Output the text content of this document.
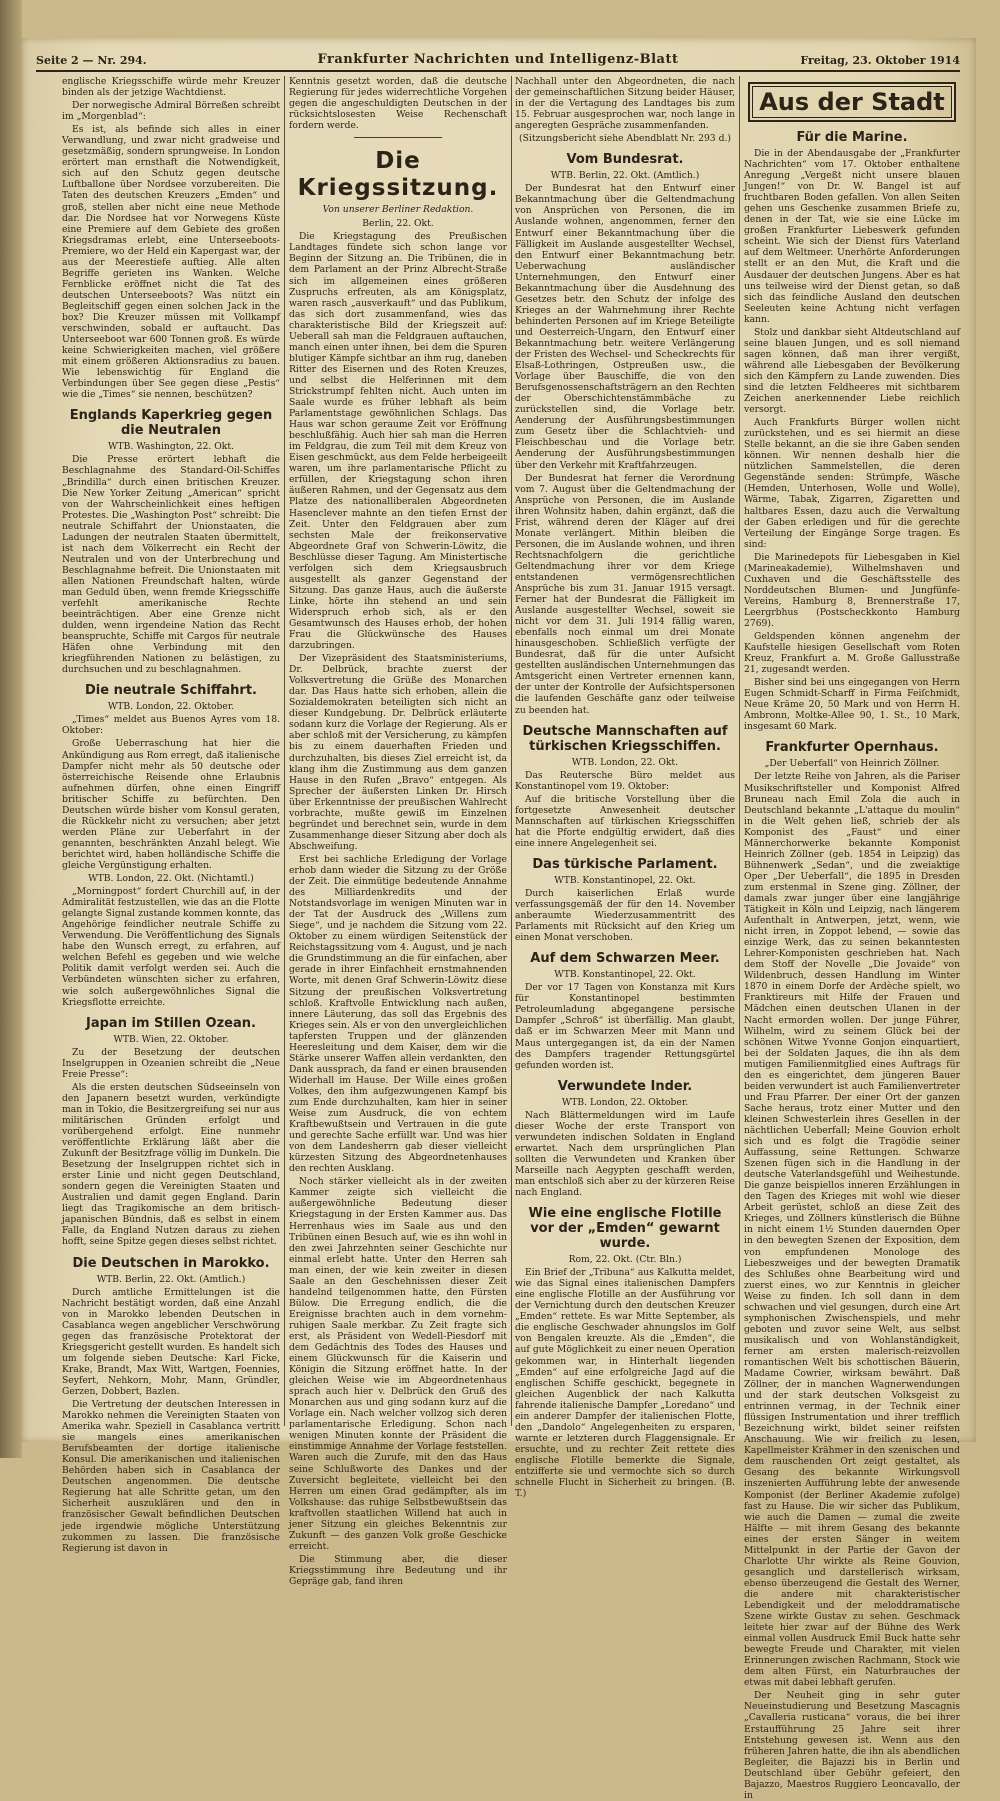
Seite 2 — Nr. 294.	Frankfurter Nachrichten und Intelligenz-Blatt	Freitag, 23. Oktober 1914

englische Kriegsschiffe würde mehr Kreuzer binden als der jetzige Wachtdienst.

Der norwegische Admiral Börreßen schreibt im „Morgenblad“:

Es ist, als befinde sich alles in einer Verwandlung, und zwar nicht gradweise und gesetzmäßig, sondern sprungweise. In London erörtert man ernsthaft die Notwendigkeit, sich auf den Schutz gegen deutsche Luftballone über Nordsee vorzubereiten. Die Taten des deutschen Kreuzers „Emden“ und groß, stellen aber nicht eine neue Methode dar. Die Nordsee hat vor Norwegens Küste eine Premiere auf dem Gebiete des großen Kriegsdramas erlebt, eine Unterseeboots-Premiere, wo der Held ein Kapergast war, der aus der Meerestiefe auftieg. Alle alten Begriffe gerieten ins Wanken. Welche Fernblicke eröffnet nicht die Tat des deutschen Unterseeboots? Was nützt ein Begleitschiff gegen einen solchen Jack in the box? Die Kreuzer müssen mit Vollkampf verschwinden, sobald er auftaucht. Das Unterseeboot war 600 Tonnen groß. Es würde keine Schwierigkeiten machen, viel größere mit einem größeren Aktionsradius zu bauen. Wie lebenswichtig für England die Verbindungen über See gegen diese „Pestis“ wie die „Times“ sie nennen, beschützen?

Englands Kaperkrieg gegen die Neutralen
WTB. Washington, 22. Okt.

Die Presse erörtert lebhaft die Beschlagnahme des Standard-Oil-Schiffes „Brindilla“ durch einen britischen Kreuzer. Die New Yorker Zeitung „American“ spricht von der Wahrscheinlichkeit eines heftigen Protestes. Die „Washington Post“ schreibt: Die neutrale Schiffahrt der Unionstaaten, die Ladungen der neutralen Staaten übermittelt, ist nach dem Völkerrecht ein Recht der Neutralen und von der Unterbrechung und Beschlagnahme befreit. Die Unionstaaten mit allen Nationen Freundschaft halten, würde man Geduld üben, wenn fremde Kriegsschiffe verfehlt amerikanische Rechte beeinträchtigen. Aber eine Grenze nicht dulden, wenn irgendeine Nation das Recht beanspruchte, Schiffe mit Cargos für neutrale Häfen ohne Verbindung mit den kriegführenden Nationen zu belästigen, zu durchsuchen und zu beschlagnahmen.

Die neutrale Schiffahrt.
WTB. London, 22. Oktober.

„Times“ meldet aus Buenos Ayres vom 18. Oktober:

Große Ueberraschung hat hier die Ankündigung aus Rom erregt, daß italienische Dampfer nicht mehr als 50 deutsche oder österreichische Reisende ohne Erlaubnis aufnehmen dürfen, ohne einen Eingriff britischer Schiffe zu befürchten. Den Deutschen würde bisher vom Konsul geraten, die Rückkehr nicht zu versuchen; aber jetzt werden Pläne zur Ueberfahrt in der genannten, beschränkten Anzahl belegt. Wie berichtet wird, haben holländische Schiffe die gleiche Vergünstigung erhalten.

WTB. London, 22. Okt. (Nichtamtl.)

„Morningpost“ fordert Churchill auf, in der Admiralität festzustellen, wie das an die Flotte gelangte Signal zustande kommen konnte, das Angehörige feindlicher neutrale Schiffe zu Verwendung. Die Veröffentlichung des Signals habe den Wunsch erregt, zu erfahren, auf welchen Befehl es gegeben und wie welche Politik damit verfolgt werden sei. Auch die Verbündeten wünschten sicher zu erfahren, wie solch außergewöhnliches Signal die Kriegsflotte erreichte.

Japan im Stillen Ozean.
WTB. Wien, 22. Oktober.

Zu der Besetzung der deutschen Inselgruppen in Ozeanien schreibt die „Neue Freie Presse“:

Als die ersten deutschen Südseeinseln von den Japanern besetzt wurden, verkündigte man in Tokio, die Besitzergreifung sei nur aus militärischen Gründen erfolgt und vorübergehend erfolgt. Eine nunmehr veröffentlichte Erklärung läßt aber die Zukunft der Besitzfrage völlig im Dunkeln. Die Besetzung der Inselgruppen richtet sich in erster Linie und nicht gegen Deutschland, sondern gegen die Vereinigten Staaten und Australien und damit gegen England. Darin liegt das Tragikomische an dem britisch-japanischen Bündnis, daß es selbst in einem Falle, da England Nutzen daraus zu ziehen hofft, seine Spitze gegen dieses selbst richtet.

Die Deutschen in Marokko.
WTB. Berlin, 22. Okt. (Amtlich.)

Durch amtliche Ermittelungen ist die Nachricht bestätigt worden, daß eine Anzahl von in Marokko lebenden Deutschen in Casablanca wegen angeblicher Verschwörung gegen das französische Protektorat der Kriegsgericht gestellt wurden. Es handelt sich um folgende sieben Deutsche: Karl Ficke, Krake, Brandt, Max Witt, Wartgen, Foennies, Seyfert, Nehkorn, Mohr, Mann, Gründler, Gerzen, Dobbert, Bazlen.

Die Vertretung der deutschen Interessen in Marokko nehmen die Vereinigten Staaten von Amerika wahr. Speziell in Casablanca vertritt sie mangels eines amerikanischen Berufsbeamten der dortige italienische Konsul. Die amerikanischen und italienischen Behörden haben sich in Casablanca der Deutschen angenommen. Die deutsche Regierung hat alle Schritte getan, um den Sicherheit auszuklären und den in französischer Gewalt befindlichen Deutschen jede irgendwie mögliche Unterstützung zukommen zu lassen. Die französische Regierung ist davon in

Kenntnis gesetzt worden, daß die deutsche Regierung für jedes widerrechtliche Vorgehen gegen die angeschuldigten Deutschen in der rücksichtslosesten Weise Rechenschaft fordern werde.

Die Kriegssitzung.
Von unserer Berliner Redaktion.
Berlin, 22. Okt.

Die Kriegstagung des Preußischen Landtages fündete sich schon lange vor Beginn der Sitzung an. Die Tribünen, die in dem Parlament an der Prinz Albrecht-Straße sich im allgemeinen eines größeren Zuspruchs erfreuten, als am Königsplatz, waren rasch „ausverkauft“ und das Publikum, das sich dort zusammenfand, wies das charakteristische Bild der Kriegszeit auf: Ueberall sah man die Feldgrauen auftauchen, manch einen unter ihnen, bei dem die Spuren blutiger Kämpfe sichtbar an ihm rug, daneben Ritter des Eisernen und des Roten Kreuzes, und selbst die Helferinnen mit dem Strickstrumpf fehlten nicht. Auch unten im Saale wurde es früher lebhaft als beim Parlamentstage gewöhnlichen Schlags. Das Haus war schon geraume Zeit vor Eröffnung beschlußfähig. Auch hier sah man die Herren im Feldgrau, die zum Teil mit dem Kreuz von Eisen geschmückt, aus dem Felde herbeigeeilt waren, um ihre parlamentarische Pflicht zu erfüllen, der Kriegstagung schon ihren äußeren Rahmen, und der Gegensatz aus dem Platze des nationalliberalen Abgeordneten Hasenclever mahnte an den tiefen Ernst der Zeit. Unter den Feldgrauen aber zum sechsten Male der freikonservative Abgeordnete Graf von Schwerin-Löwitz, die Beschlüsse dieser Tagung. Am Ministertische verfolgen sich dem Kriegsausbruch ausgestellt als ganzer Gegenstand der Sitzung. Das ganze Haus, auch die äußerste Linke, hörte ihn stehend an und sein Widerspruch erhob sich, als er den Gesamtwunsch des Hauses erhob, der hohen Frau die Glückwünsche des Hauses darzubringen.

Der Vizepräsident des Staatsministeriums, Dr. Delbrück, brachte zuerst der Volksvertretung die Grüße des Monarchen dar. Das Haus hatte sich erhoben, allein die Sozialdemokraten beteiligten sich nicht an dieser Kundgebung. Dr. Delbrück erläuterte sodann kurz die Vorlage der Regierung. Als er aber schloß mit der Versicherung, zu kämpfen bis zu einem dauerhaften Frieden und durchzuhalten, bis dieses Ziel erreicht ist, da klang ihm die Zustimmung aus dem ganzen Hause in den Rufen „Bravo“ entgegen. Als Sprecher der äußersten Linken Dr. Hirsch über Erkenntnisse der preußischen Wahlrecht vorbrachte, mußte gewiß im Einzelnen begründet und berechnet sein, wurde in dem Zusammenhange dieser Sitzung aber doch als Abschweifung.

Erst bei sachliche Erledigung der Vorlage erhob dann wieder die Sitzung zu der Größe der Zeit. Die einmütige bedeutende Annahme des Milliardenkredits und der Notstandsvorlage im wenigen Minuten war in der Tat der Ausdruck des „Willens zum Siege“, und je nachdem die Sitzung vom 22. Oktober zu einem würdigen Seitenstück der Reichstagssitzung vom 4. August, und je nach die Grundstimmung an die für einfachen, aber gerade in ihrer Einfachheit ernstmahnenden Worte, mit denen Graf Schwerin-Löwitz diese Sitzung der preußischen Volksvertretung schloß. Kraftvolle Entwicklung nach außen, innere Läuterung, das soll das Ergebnis des Krieges sein. Als er von den unvergleichlichen tapfersten Truppen und der glänzenden Heeresleitung und dem Kaiser, dem wir die Stärke unserer Waffen allein verdankten, den Dank aussprach, da fand er einen brausenden Widerhall im Hause. Der Wille eines großen Volkes, den ihm aufgezwungenen Kampf bis zum Ende durchzuhalten, kam hier in seiner Weise zum Ausdruck, die von echtem Kraftbewußtsein und Vertrauen in die gute und gerechte Sache erfüllt war. Und was hier von dem Landesherrn gab dieser vielleicht kürzesten Sitzung des Abgeordnetenhauses den rechten Ausklang.

Noch stärker vielleicht als in der zweiten Kammer zeigte sich vielleicht die außergewöhnliche Bedeutung dieser Kriegstagung in der Ersten Kammer aus. Das Herrenhaus wies im Saale aus und den Tribünen einen Besuch auf, wie es ihn wohl in den zwei Jahrzehnten seiner Geschichte nur einmal erlebt hatte. Unter den Herren sah man einen, der wie kein zweiter in diesen Saale an den Geschehnissen dieser Zeit handelnd teilgenommen hatte, den Fürsten Bülow. Die Erregung endlich, die die Ereignisse brachten auch in dem vornehm-ruhigen Saale merkbar. Zu Zeit fragte sich erst, als Präsident von Wedell-Piesdorf mit dem Gedächtnis des Todes des Hauses und einem Glückwunsch für die Kaiserin und Königin die Sitzung eröffnet hatte. In der gleichen Weise wie im Abgeordnetenhaus sprach auch hier v. Delbrück den Gruß des Monarchen aus und ging sodann kurz auf die Vorlage ein. Nach welcher vollzog sich deren parlamentarische Erledigung. Schon nach wenigen Minuten konnte der Präsident die einstimmige Annahme der Vorlage feststellen. Waren auch die Zurufe, mit den das Haus seine Schlußworte des Dankes und der Zuversicht begleitete, vielleicht bei den Herren um einen Grad gedämpfter, als im Volkshause: das ruhige Selbstbewußtsein das kraftvollen staatlichen Willend hat auch in jener Sitzung ein gleiches Bekenntnis zur Zukunft — des ganzen Volk große Geschicke erreicht.

Die Stimmung aber, die dieser Kriegsstimmung ihre Bedeutung und ihr Gepräge gab, fand ihren

Nachhall unter den Abgeordneten, die nach der gemeinschaftlichen Sitzung beider Häuser, in der die Vertagung des Landtages bis zum 15. Februar ausgesprochen war, noch lange in angeregten Gespräche zusammenfanden.

(Sitzungsbericht siehe Abendblatt Nr. 293 d.)
Vom Bundesrat.
WTB. Berlin, 22. Okt. (Amtlich.)

Der Bundesrat hat den Entwurf einer Bekanntmachung über die Geltendmachung von Ansprüchen von Personen, die im Auslande wohnen, angenommen, ferner den Entwurf einer Bekanntmachung über die Fälligkeit im Auslande ausgestellter Wechsel, den Entwurf einer Bekanntmachung betr. Ueberwachung ausländischer Unternehmungen, den Entwurf einer Bekanntmachung über die Ausdehnung des Gesetzes betr. den Schutz der infolge des Krieges an der Wahrnehmung ihrer Rechte behinderten Personen auf im Kriege Beteiligte und Oesterreich-Ungarn, den Entwurf einer Bekanntmachung betr. weitere Verlängerung der Fristen des Wechsel- und Scheckrechts für Elsaß-Lothringen, Ostpreußen usw., die Vorlage über Bauschiffe, die von den Berufsgenossenschaftsträgern an den Rechten der Oberschichtenstämmbäche zu zurückstellen sind, die Vorlage betr. Aenderung der Ausführungsbestimmungen zum Gesetz über die Schlachtvieh- und Fleischbeschau und die Vorlage betr. Aenderung der Ausführungsbestimmungen über den Verkehr mit Kraftfahrzeugen.

Der Bundesrat hat ferner die Verordnung vom 7. August über die Geltendmachung der Ansprüche von Personen, die im Auslande ihren Wohnsitz haben, dahin ergänzt, daß die Frist, während deren der Kläger auf drei Monate verlängert. Mithin bleiben die Personen, die im Auslande wohnen, und ihren Rechtsnachfolgern die gerichtliche Geltendmachung ihrer vor dem Kriege entstandenen vermögensrechtlichen Ansprüche bis zum 31. Januar 1915 versagt. Ferner hat der Bundesrat die Fälligkeit im Auslande ausgestellter Wechsel, soweit sie nicht vor dem 31. Juli 1914 fällig waren, ebenfalls noch einmal um drei Monate hinausgeschoben. Schließlich verfügte der Bundesrat, daß für die unter Aufsicht gestellten ausländischen Unternehmungen das Amtsgericht einen Vertreter ernennen kann, der unter der Kontrolle der Aufsichtspersonen die laufenden Geschäfte ganz oder teilweise zu beenden hat.

Deutsche Mannschaften auf türkischen Kriegsschiffen.
WTB. London, 22. Okt.

Das Reutersche Büro meldet aus Konstantinopel vom 19. Oktober:

Auf die britische Vorstellung über die fortgesetzte Anwesenheit deutscher Mannschaften auf türkischen Kriegsschiffen hat die Pforte endgültig erwidert, daß dies eine innere Angelegenheit sei.

Das türkische Parlament.
WTB. Konstantinopel, 22. Okt.

Durch kaiserlichen Erlaß wurde verfassungsgemäß der für den 14. November anberaumte Wiederzusammentritt des Parlaments mit Rücksicht auf den Krieg um einen Monat verschoben.

Auf dem Schwarzen Meer.
WTB. Konstantinopel, 22. Okt.

Der vor 17 Tagen von Konstanza mit Kurs für Konstantinopel bestimmten Petroleumladung abgegangene persische Dampfer „Schroß“ ist überfällig. Man glaubt, daß er im Schwarzen Meer mit Mann und Maus untergegangen ist, da ein der Namen des Dampfers tragender Rettungsgürtel gefunden worden ist.

Verwundete Inder.
WTB. London, 22. Oktober.

Nach Blättermeldungen wird im Laufe dieser Woche der erste Transport von verwundeten indischen Soldaten in England erwartet. Nach dem ursprünglichen Plan sollten die Verwundeten und Kranken über Marseille nach Aegypten geschafft werden, man entschloß sich aber zu der kürzeren Reise nach England.

Wie eine englische Flotille vor der „Emden“ gewarnt wurde.
Rom, 22. Okt. (Ctr. Bln.)

Ein Brief der „Tribuna“ aus Kalkutta meldet, wie das Signal eines italienischen Dampfers eine englische Flotille an der Ausführung vor der Vernichtung durch den deutschen Kreuzer „Emden“ rettete. Es war Mitte September, als die englische Geschwader ahnungslos im Golf von Bengalen kreuzte. Als die „Emden“, die auf gute Möglichkeit zu einer neuen Operation gekommen war, in Hinterhalt liegenden „Emden“ auf eine erfolgreiche Jagd auf die englischen Schiffe geschickt, begegnete in gleichen Augenblick der nach Kalkutta fahrende italienische Dampfer „Loredano“ und ein anderer Dampfer der italienischen Flotte, den „Dandolo“ Angelegenheiten zu ersparen, warnte er letzteren durch Flaggensignale. Er ersuchte, und zu rechter Zeit rettete dies englische Flotille bemerkte die Signale, entzifferte sie und vermochte sich so durch schnelle Flucht in Sicherheit zu bringen. (B. T.)

Aus der Stadt
Für die Marine.

Die in der Abendausgabe der „Frankfurter Nachrichten“ vom 17. Oktober enthaltene Anregung „Vergeßt nicht unsere blauen Jungen!“ von Dr. W. Bangel ist auf fruchtbaren Boden gefallen. Von allen Seiten gehen uns Geschenke zusammen Briefe zu, denen in der Tat, wie sie eine Lücke im großen Frankfurter Liebeswerk gefunden scheint. Wie sich der Dienst fürs Vaterland auf dem Weltmeer. Unerhörte Anforderungen stellt er an den Mut, die Kraft und die Ausdauer der deutschen Jungens. Aber es hat uns teilweise wird der Dienst getan, so daß sich das feindliche Ausland den deutschen Seeleuten keine Achtung nicht verfagen kann.

Stolz und dankbar sieht Altdeutschland auf seine blauen Jungen, und es soll niemand sagen können, daß man ihrer vergißt, während alle Liebesgaben der Bevölkerung sich den Kämpfern zu Lande zuwenden. Dies sind die letzten Feldheeres mit sichtbarem Zeichen anerkennender Liebe reichlich versorgt.

Auch Frankfurts Bürger wollen nicht zurückstehen, und es sei hiermit an diese Stelle bekannt, an die sie ihre Gaben senden können. Wir nennen deshalb hier die nützlichen Sammelstellen, die deren Gegenstände senden: Strümpfe, Wäsche (Hemden, Unterhosen, Wolle und Wolle), Wärme, Tabak, Zigarren, Zigaretten und haltbares Essen, dazu auch die Verwaltung der Gaben erledigen und für die gerechte Verteilung der Eingänge Sorge tragen. Es sind:

Die Marinedepots für Liebesgaben in Kiel (Marineakademie), Wilhelmshaven und Cuxhaven und die Geschäftsstelle des Norddeutschen Blumen- und Jungfünfe-Vereins, Hamburg 8, Brennerstraße 17, Leergrbhus (Postscheckkonto Hamburg 2769).

Geldspenden können angenehm der Kaufstelle hiesigen Gesellschaft vom Roten Kreuz, Frankfurt a. M. Große Gallusstraße 21, zugesandt werden.

Bisher sind bei uns eingegangen von Herrn Eugen Schmidt-Scharff in Firma Feiſchmidt, Neue Kräme 20, 50 Mark und von Herrn H. Ambronn, Moltke-Allee 90, 1. St., 10 Mark, insgesamt 60 Mark.

Frankfurter Opernhaus.
„Der Ueberfall“ von Heinrich Zöllner.

Der letzte Reihe von Jahren, als die Pariser Musikschriftsteller und Komponist Alfred Bruneau nach Emil Zola die auch in Deutschland bekannte „L'attaque du moulin“ in die Welt gehen ließ, schrieb der als Komponist des „Faust“ und einer Männerchorwerke bekannte Komponist Heinrich Zöllner (geb. 1854 in Leipzig) das Bühnenwerk „Sedan“, und die zweiaktige Oper „Der Ueberfall“, die 1895 in Dresden zum erstenmal in Szene ging. Zöllner, der damals zwar junger über eine langjährige Tätigkeit in Köln und Leipzig, nach längerem Aufenthalt in Antwerpen, jetzt, wenn, wie nicht irren, in Zoppot lebend, — sowie das einzige Werk, das zu seinen bekanntesten Lehrer-Komponisten geschrieben hat. Nach dem Stoff der Novelle „Die Jovaide“ von Wildenbruch, dessen Handlung im Winter 1870 in einem Dorfe der Ardèche spielt, wo Franktireurs mit Hilfe der Frauen und Mädchen einen deutschen Ulanen in der Nacht ermorden wollen. Der junge Führer, Wilhelm, wird zu seinem Glück bei der schönen Witwe Yvonne Gonjon einquartiert, bei der Soldaten Jaques, die ihn als dem mutigen Familienmitglied eines Auftrags für den es eingerichtet, dem jüngeren Bauer beiden verwundert ist auch Familienvertreter und Frau Pfarrer. Der einer Ort der ganzen Sache heraus, trotz einer Mutter und den kleinen Schwesterlein ihres Gesellen in der nächtlichen Ueberfall; Meine Gouvion erholt sich und es folgt die Tragödie seiner Auffassung, seine Rettungen. Schwarze Szenen fügen sich in die Handlung in der deutsche Vaterlandsgefühl und Weihestunde. Die ganze beispiellos inneren Erzählungen in den Tagen des Krieges mit wohl wie dieser Arbeit gerüstet, schloß an diese Zeit des Krieges, und Zöllners künstlerisch die Bühne in nicht einem 1½ Stunden dauernden Oper in den bewegten Szenen der Exposition, dem von empfundenen Monologe des Liebeszweiges und der bewegten Dramatik des Schlußes ohne Bearbeitung wird und zuerst eines, wo zur Kenntnis in gleicher Weise zu finden. Ich soll dann in dem schwachen und viel gesungen, durch eine Art symphonischen Zwischenspiels, und mehr geboten und zuvor seine Welt, aus selbst musikalisch und von Wohlanständigkeit, ferner am ersten malerisch-reizvollen romantischen Welt bis schottischen Bäuerin, Madame Cowrier, wirksam bewährt. Daß Zöllner, der in manchen Wagnerwendungen und der stark deutschen Volksgeist zu entrinnen vermag, in der Technik einer flüssigen Instrumentation und ihrer trefflich Bezeichnung wirkt, bildet seiner reifsten Anschauung. Wie wir freilich zu lesen, Kapellmeister Krähmer in den szenischen und dem rauschenden Ort zeigt gestaltet, als Gesang des bekannte Wirkungsvoll inszenierten Aufführung lebte der anwesende Komponist (der Berliner Akademie zufolge) fast zu Hause. Die wir sicher das Publikum, wie auch die Damen — zumal die zweite Hälfte — mit ihrem Gesang des bekannte eines der ersten Sänger in weitem Mittelpunkt in der Partie der Gavon der Charlotte Uhr wirkte als Reine Gouvion, gesanglich und darstellerisch wirksam, ebenso überzeugend die Gestalt des Werner, die andere mit charakteristischer Lebendigkeit und der meloddramatische Szene wirkte Gustav zu sehen. Geschmack leitete hier zwar auf der Bühne des Werk einmal vollen Ausdruck Emil Buck hatte sehr bewegte Freude und Charakter, mit vielen Erinnerungen zwischen Rachmann, Stock wie dem alten Fürst, ein Naturbrauches der etwas mit dabei lebhaft gerufen.

Der Neuheit ging in sehr guter Neueinstudierung und Besetzung Mascagnis „Cavalleria rusticana“ voraus, die bei ihrer Erstaufführung 25 Jahre seit ihrer Entstehung gewesen ist. Wenn aus den früheren Jahren hatte, die ihn als abendlichen Begleiter, die Bajazzi bis in Berlin und Deutschland über Gebühr gefeiert, den Bajazzo, Maestros Ruggiero Leoncavallo, der in
